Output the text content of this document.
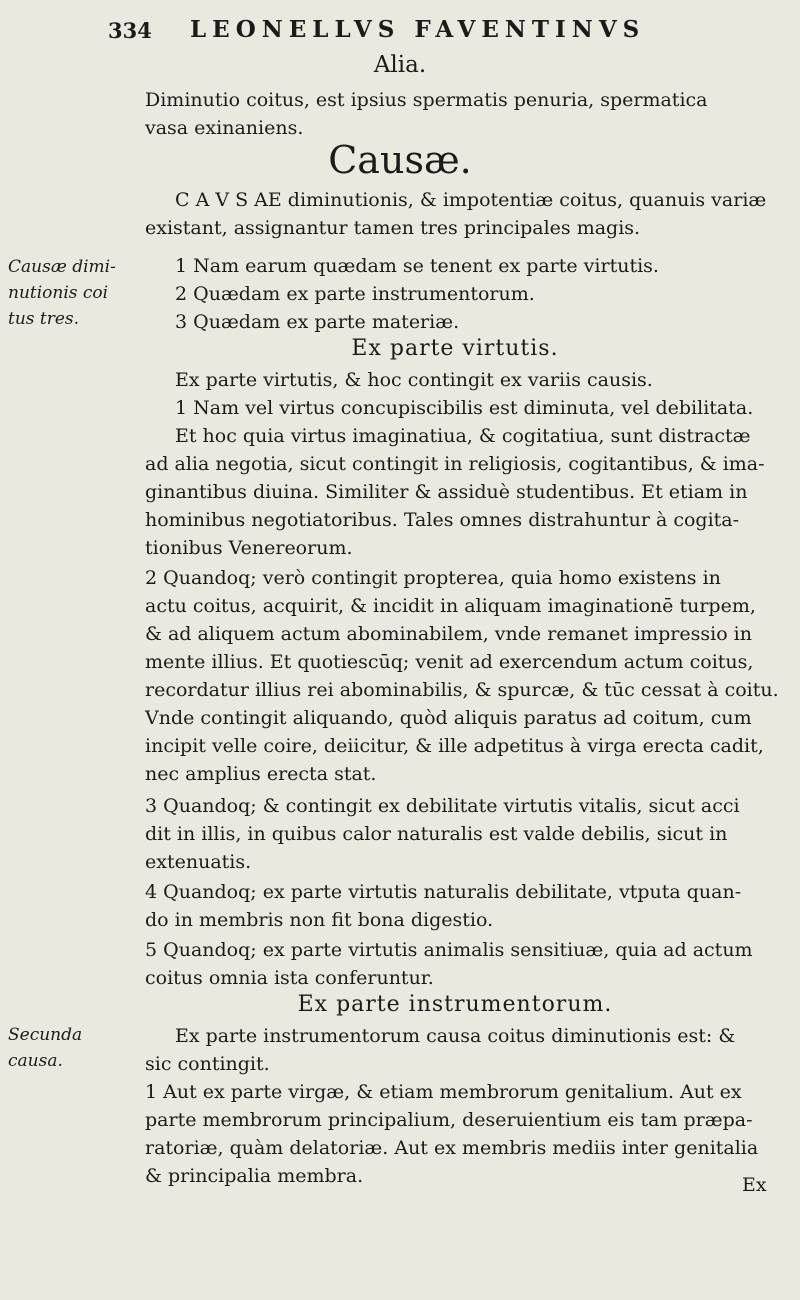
334 LEONELLVS FAVENTINVS
Alia.
Diminutio coitus, est ipsius spermatis penuria, spermatica
vasa exinaniens.
Causæ.
C A V S AE diminutionis, & impotentiæ coitus, quanuis variæ
existant, assignantur tamen tres principales magis.
1 Nam earum quædam se tenent ex parte virtutis.
2 Quædam ex parte instrumentorum.
3 Quædam ex parte materiæ.
Causæ dimi-
nutionis coi
tus tres.
Ex parte virtutis.
Ex parte virtutis, & hoc contingit ex variis causis.
1 Nam vel virtus concupiscibilis est diminuta, vel debilitata.
Et hoc quia virtus imaginatiua, & cogitatiua, sunt distractæ
ad alia negotia, sicut contingit in religiosis, cogitantibus, & ima-
ginantibus diuina. Similiter & assiduè studentibus. Et etiam in
hominibus negotiatoribus. Tales omnes distrahuntur à cogita-
tionibus Venereorum.
2 Quandoq; verò contingit propterea, quia homo existens in
actu coitus, acquirit, & incidit in aliquam imaginationē turpem,
& ad aliquem actum abominabilem, vnde remanet impressio in
mente illius. Et quotiescūq; venit ad exercendum actum coitus,
recordatur illius rei abominabilis, & spurcæ, & tūc cessat à coitu.
Vnde contingit aliquando, quòd aliquis paratus ad coitum, cum
incipit velle coire, deiicitur, & ille adpetitus à virga erecta cadit,
nec amplius erecta stat.
3 Quandoq; & contingit ex debilitate virtutis vitalis, sicut acci
dit in illis, in quibus calor naturalis est valde debilis, sicut in
extenuatis.
4 Quandoq; ex parte virtutis naturalis debilitate, vtputa quan-
do in membris non fit bona digestio.
5 Quandoq; ex parte virtutis animalis sensitiuæ, quia ad actum
coitus omnia ista conferuntur.
Ex parte instrumentorum.
Ex parte instrumentorum causa coitus diminutionis est: &
sic contingit.
Secunda
causa.
1 Aut ex parte virgæ, & etiam membrorum genitalium. Aut ex
parte membrorum principalium, deseruientium eis tam præpa-
ratoriæ, quàm delatoriæ. Aut ex membris mediis inter genitalia
& principalia membra.	Ex
